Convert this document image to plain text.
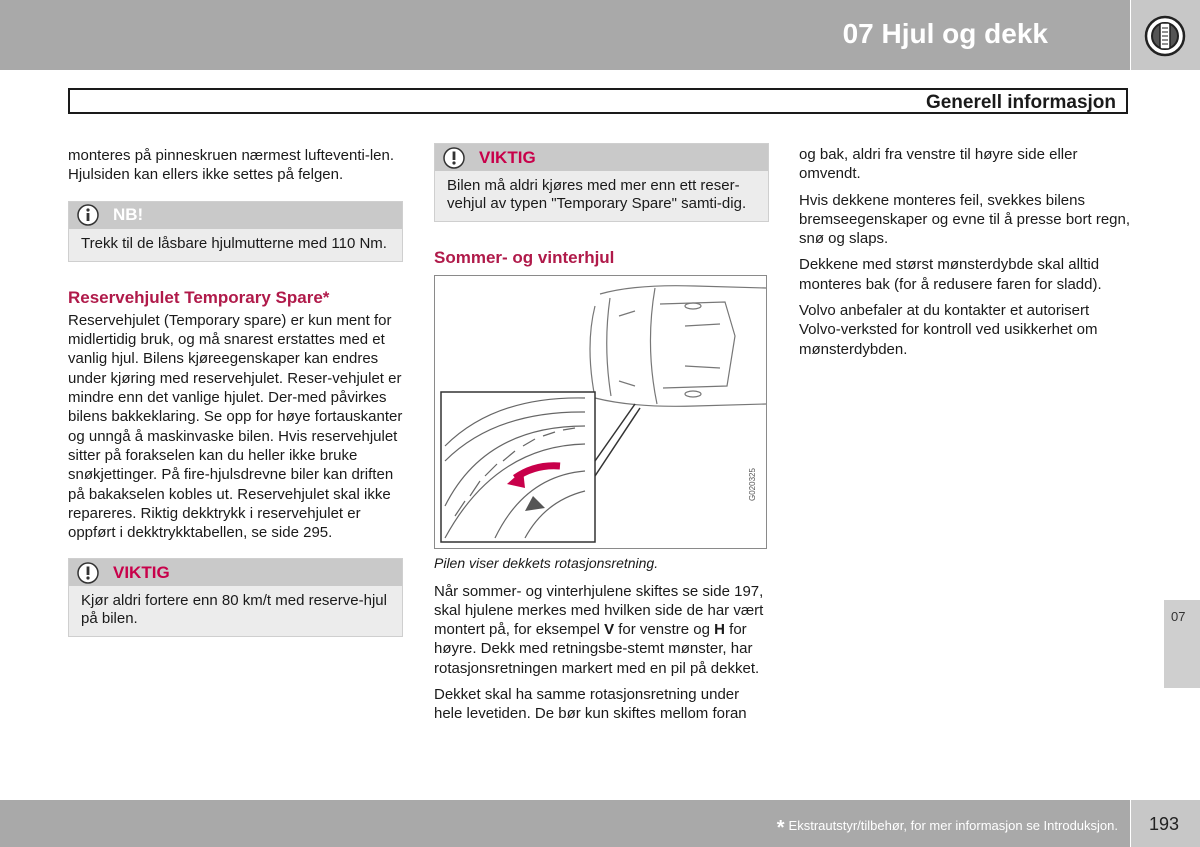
07 Hjul og dekk
Generell informasjon

monteres på pinneskruen nærmest lufteventi-len. Hjulsiden kan ellers ikke settes på felgen.

NB!
Trekk til de låsbare hjulmutterne med 110 Nm.
Reservehjulet Temporary Spare*

Reservehjulet (Temporary spare) er kun ment for midlertidig bruk, og må snarest erstattes med et vanlig hjul. Bilens kjøreegenskaper kan endres under kjøring med reservehjulet. Reser-vehjulet er mindre enn det vanlige hjulet. Der-med påvirkes bilens bakkeklaring. Se opp for høye fortauskanter og unngå å maskinvaske bilen. Hvis reservehjulet sitter på forakselen kan du heller ikke bruke snøkjettinger. På fire-hjulsdrevne biler kan driften på bakakselen kobles ut. Reservehjulet skal ikke repareres. Riktig dekktrykk i reservehjulet er oppført i dekktrykktabellen, se side 295.

VIKTIG
Kjør aldri fortere enn 80 km/t med reserve-hjul på bilen.
VIKTIG
Bilen må aldri kjøres med mer enn ett reser-vehjul av typen "Temporary Spare" samti-dig.
Sommer- og vinterhjul
G020325
Pilen viser dekkets rotasjonsretning.

Når sommer- og vinterhjulene skiftes se side 197, skal hjulene merkes med hvilken side de har vært montert på, for eksempel V for venstre og H for høyre. Dekk med retningsbe-stemt mønster, har rotasjonsretningen markert med en pil på dekket.

Dekket skal ha samme rotasjonsretning under hele levetiden. De bør kun skiftes mellom foran

og bak, aldri fra venstre til høyre side eller omvendt.

Hvis dekkene monteres feil, svekkes bilens bremseegenskaper og evne til å presse bort regn, snø og slaps.

Dekkene med størst mønsterdybde skal alltid monteres bak (for å redusere faren for sladd).

Volvo anbefaler at du kontakter et autorisert Volvo-verksted for kontroll ved usikkerhet om mønsterdybden.

07
* Ekstrautstyr/tilbehør, for mer informasjon se Introduksjon. 193
